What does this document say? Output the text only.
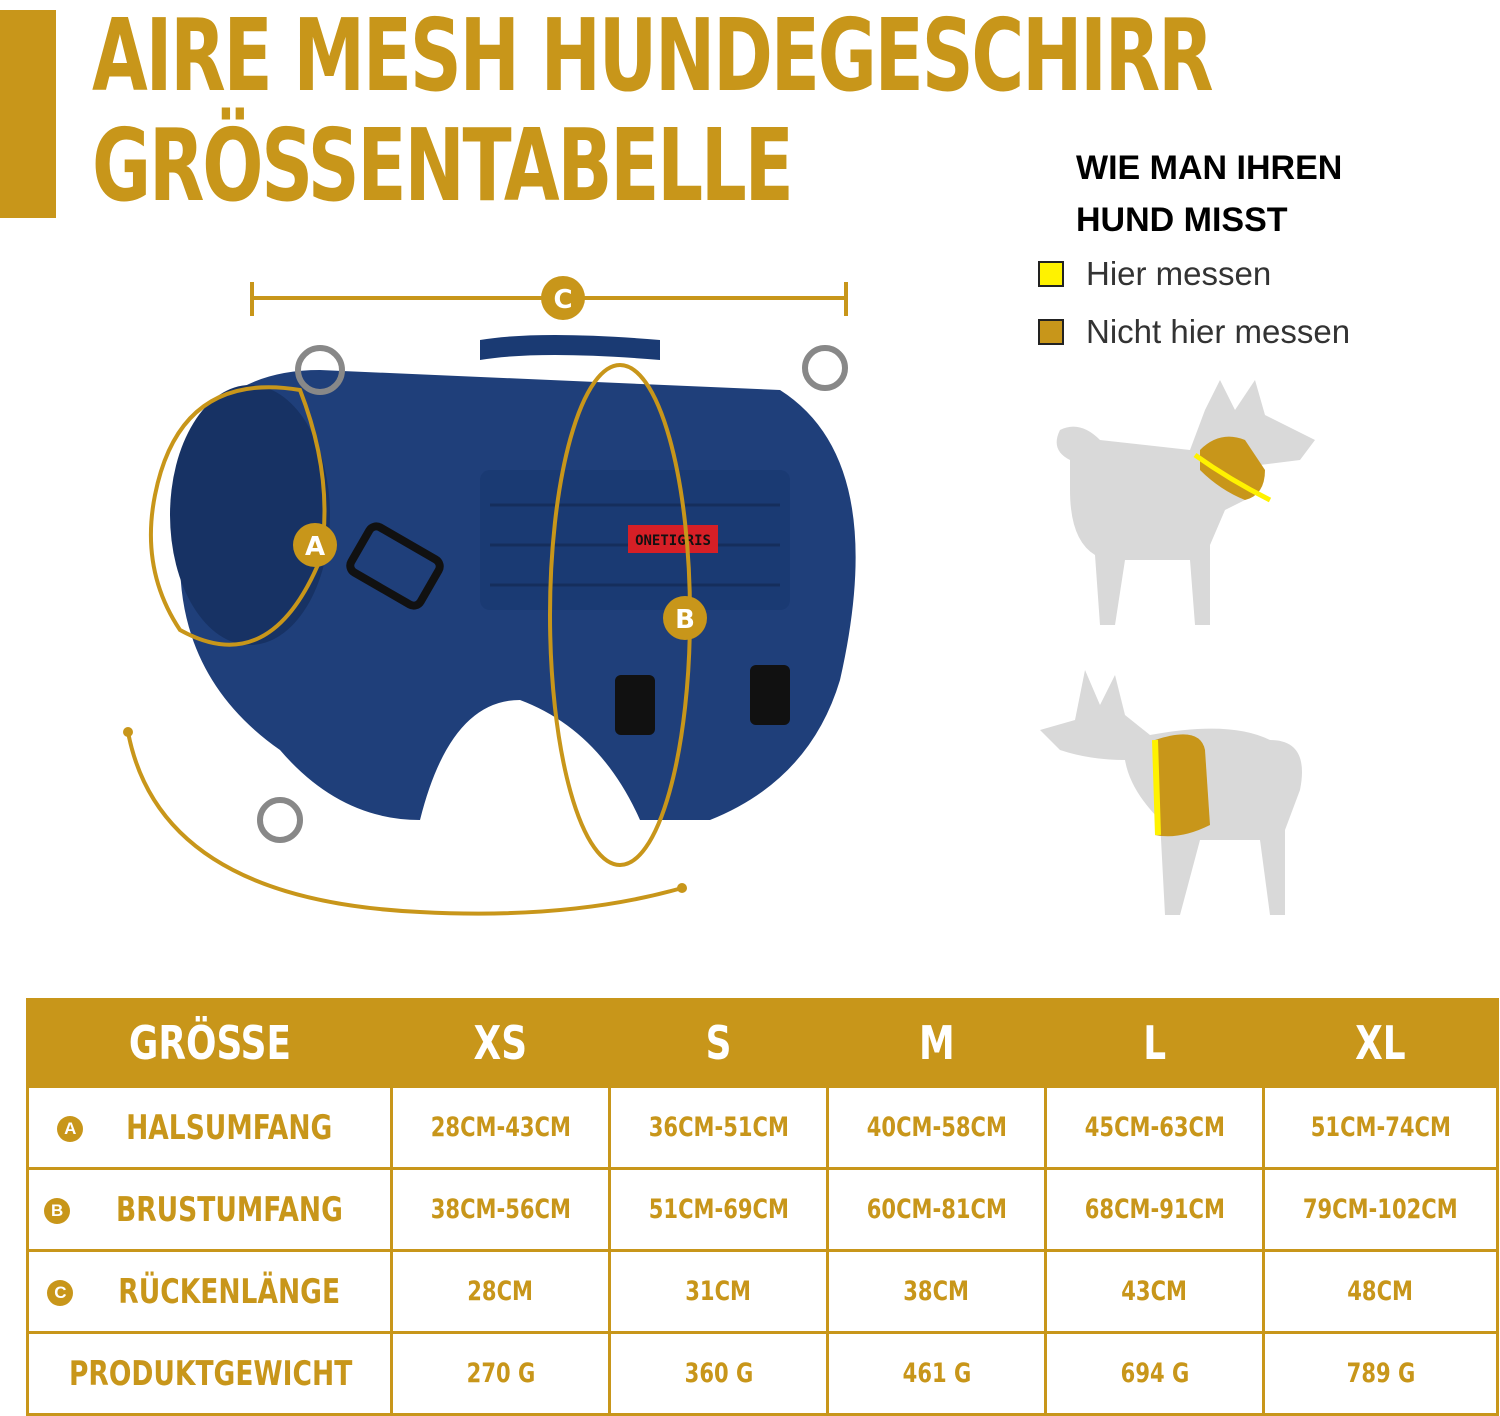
AIRE MESH HUNDEGESCHIRR
GRÖSSENTABELLE	WIE MAN IHREN
HUND MISST
Hier messen
Nicht hier messen
ONETIGRIS
C
A
B
GRÖSSE	XS	S	M	L	XL
A HALSUMFANG	28CM-43CM	36CM-51CM	40CM-58CM	45CM-63CM	51CM-74CM
B BRUSTUMFANG	38CM-56CM	51CM-69CM	60CM-81CM	68CM-91CM	79CM-102CM
C RÜCKENLÄNGE	28CM	31CM	38CM	43CM	48CM
PRODUKTGEWICHT	270 G	360 G	461 G	694 G	789 G
